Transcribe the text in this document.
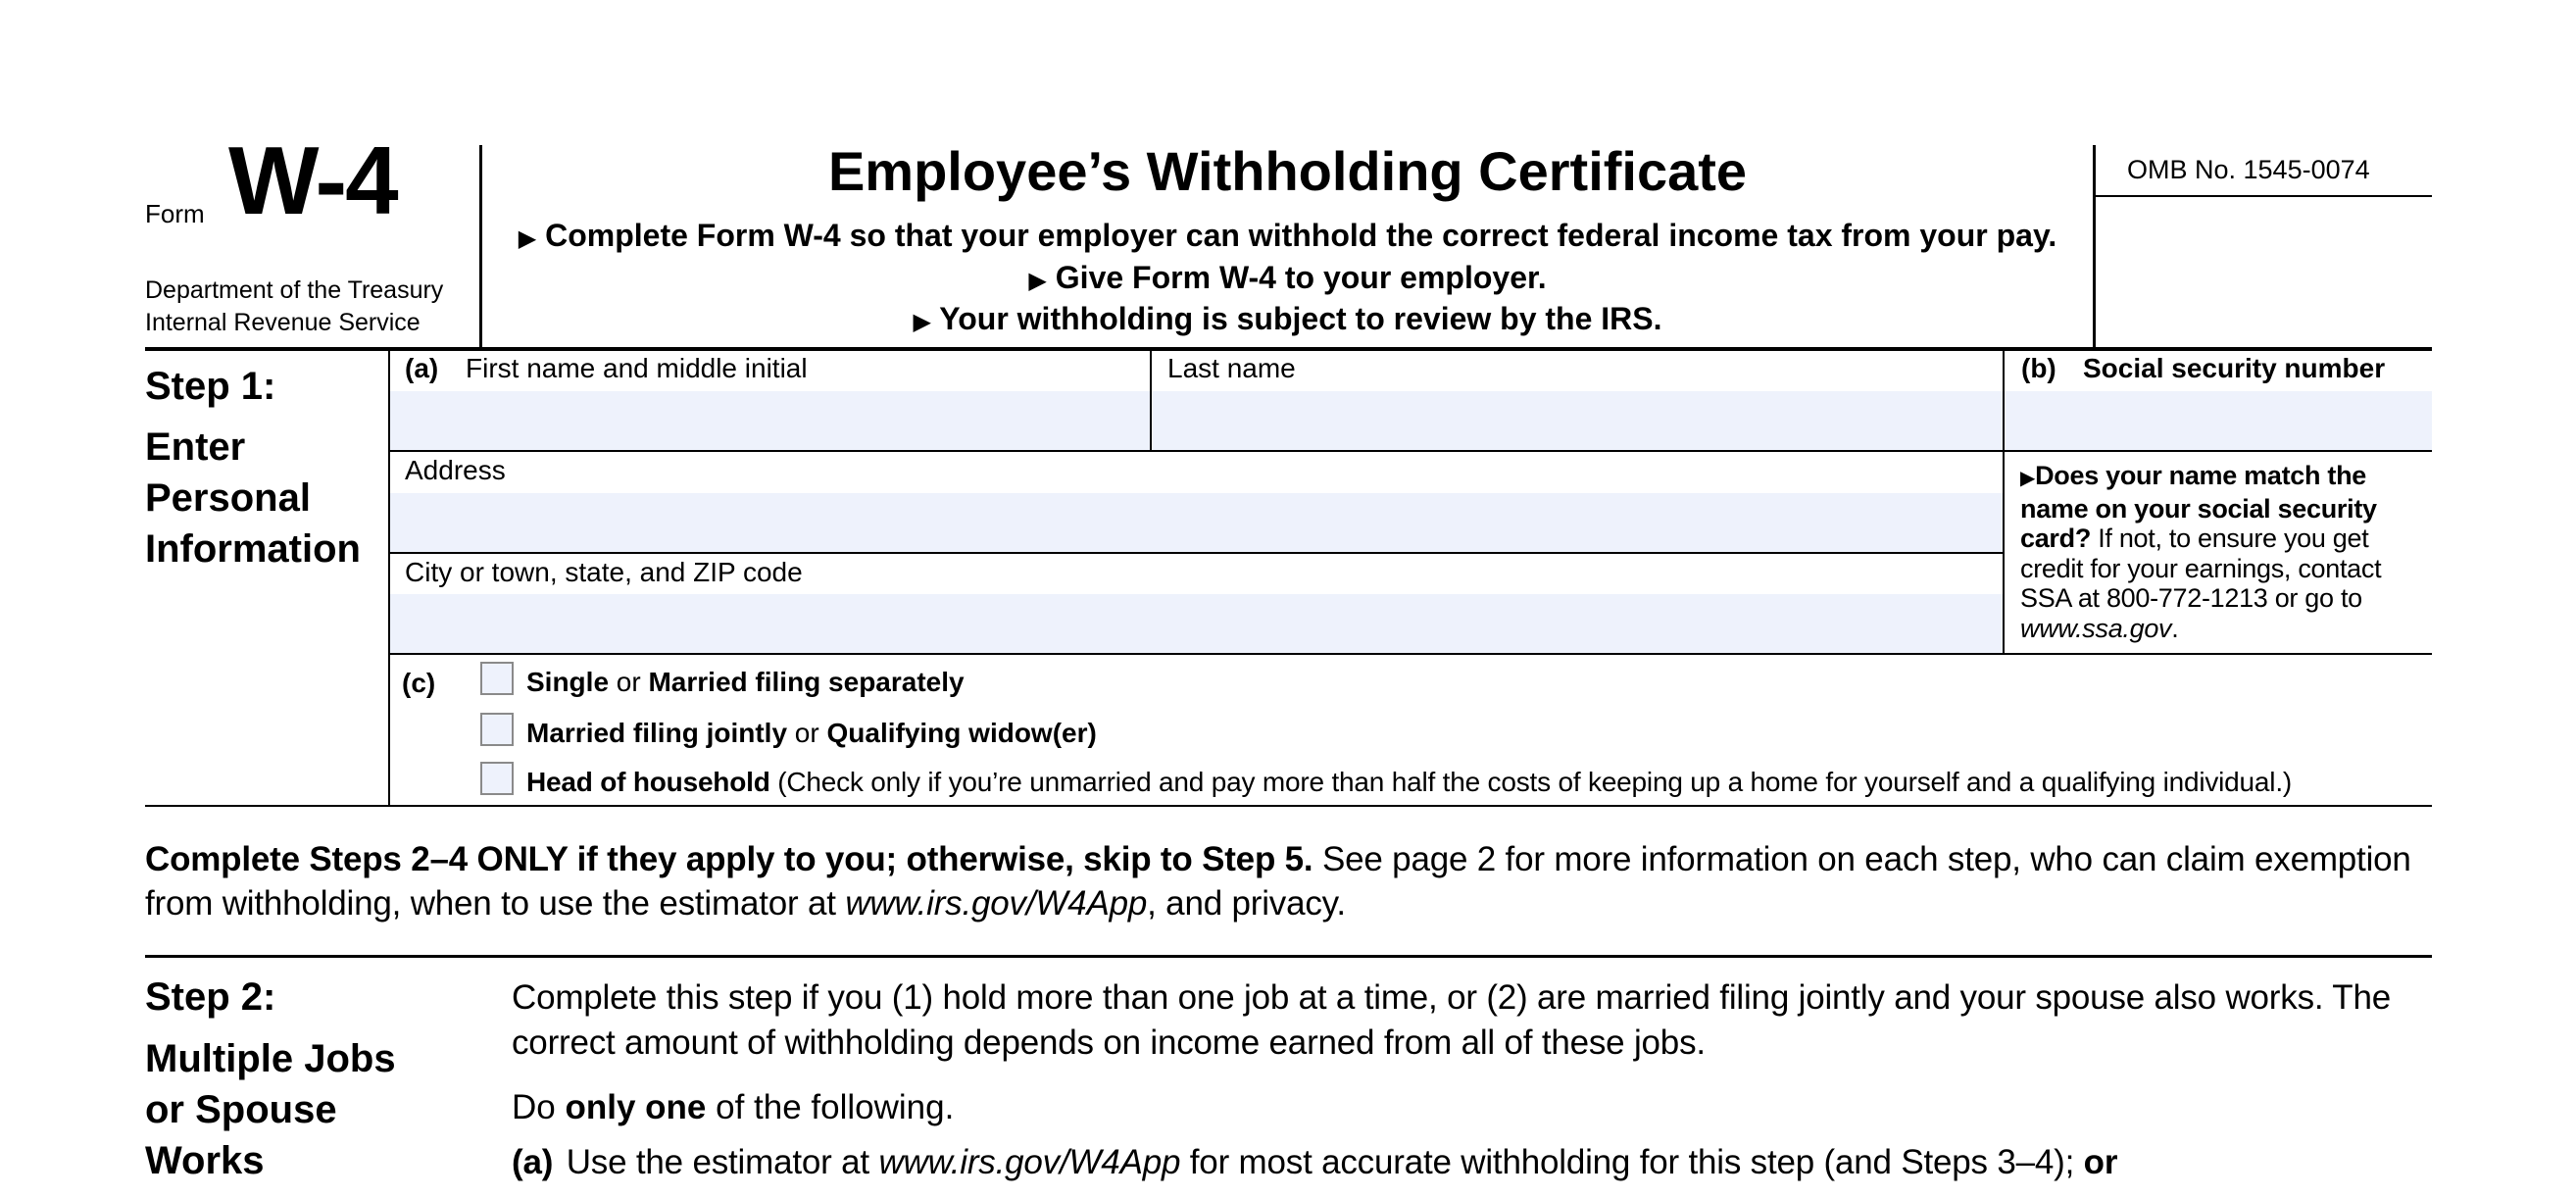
Form W-4
Department of the Treasury
Internal Revenue Service
Employee’s Withholding Certificate
▶ Complete Form W-4 so that your employer can withhold the correct federal income tax from your pay.
▶ Give Form W-4 to your employer.
▶ Your withholding is subject to review by the IRS.
OMB No. 1545-0074
Step 1:
Enter
Personal
Information
(a) First name and middle initial	Last name	(b) Social security number
Address
City or town, state, and ZIP code
▶Does your name match the name on your social security card? If not, to ensure you get credit for your earnings, contact SSA at 800-772-1213 or go to www.ssa.gov.
(c)	Single or Married filing separately
Married filing jointly or Qualifying widow(er)
Head of household (Check only if you’re unmarried and pay more than half the costs of keeping up a home for yourself and a qualifying individual.)
Complete Steps 2–4 ONLY if they apply to you; otherwise, skip to Step 5. See page 2 for more information on each step, who can claim exemption from withholding, when to use the estimator at www.irs.gov/W4App, and privacy.
Step 2:
Multiple Jobs
or Spouse
Works
Complete this step if you (1) hold more than one job at a time, or (2) are married filing jointly and your spouse also works. The correct amount of withholding depends on income earned from all of these jobs.
Do only one of the following.
(a) Use the estimator at www.irs.gov/W4App for most accurate withholding for this step (and Steps 3–4); or
